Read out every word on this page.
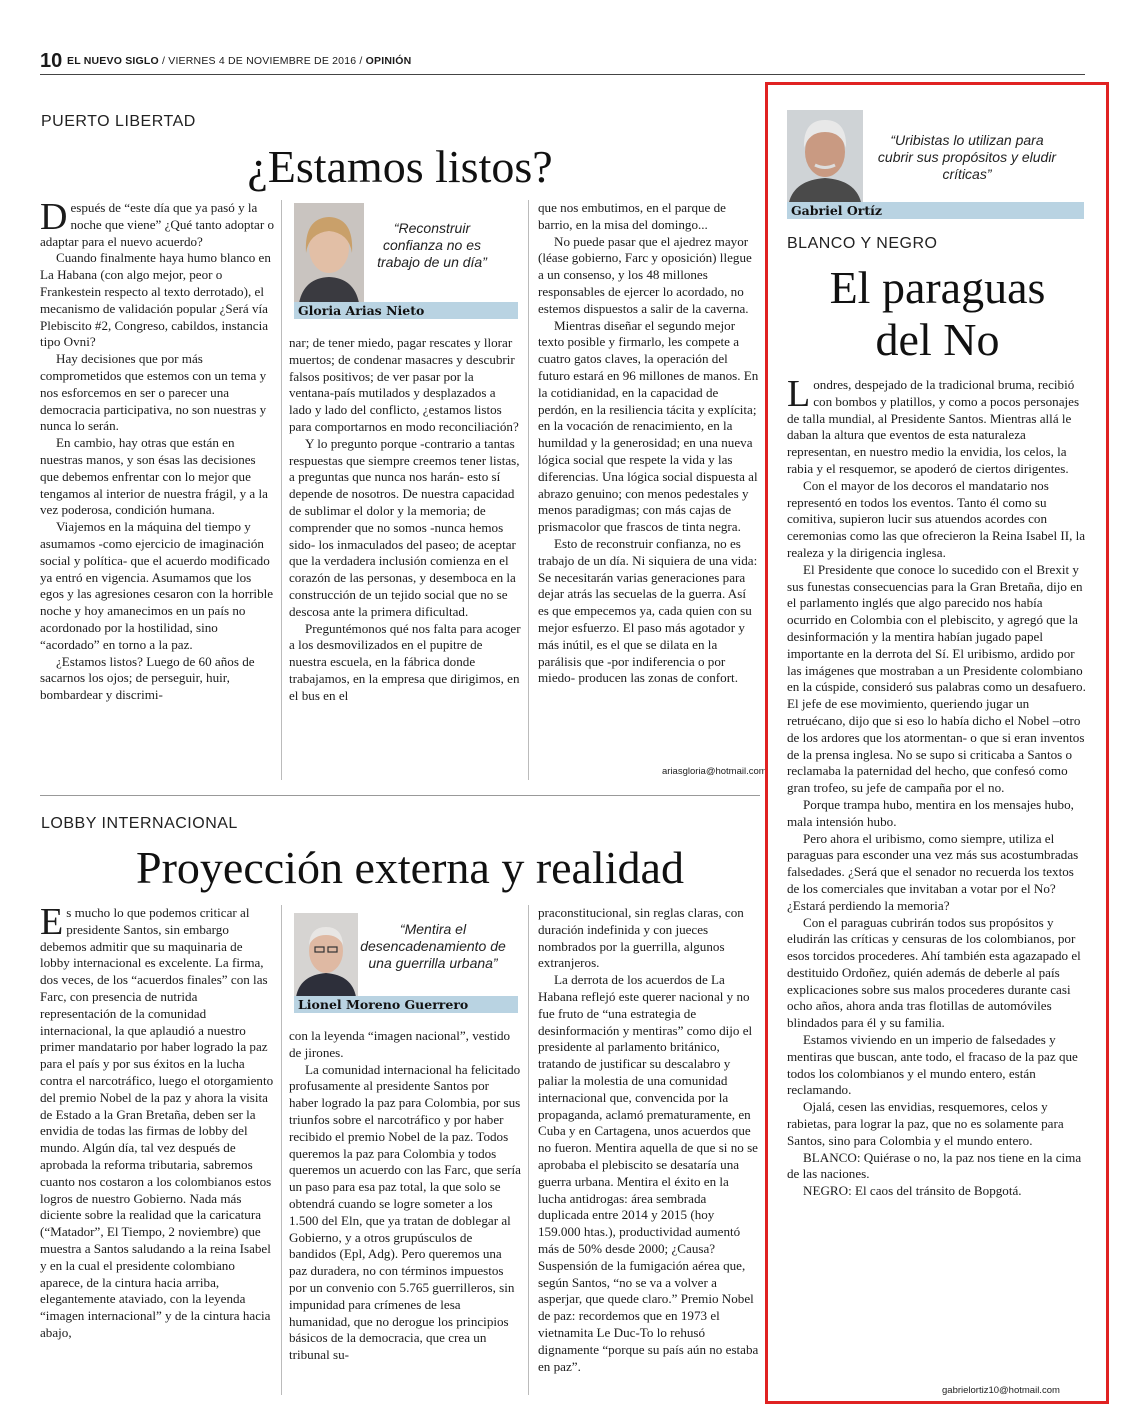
10 EL NUEVO SIGLO / VIERNES 4 DE NOVIEMBRE DE 2016 / OPINIÓN
PUERTO LIBERTAD
¿Estamos listos?
“Reconstruir confianza no es trabajo de un día”
Gloria Arias Nieto

Después de “este día que ya pasó y la noche que viene” ¿Qué tanto adoptar o adaptar para el nuevo acuerdo?

Cuando finalmente haya humo blanco en La Habana (con algo mejor, peor o Frankestein respecto al texto derrotado), el mecanismo de validación popular ¿Será vía Plebiscito #2, Congreso, cabildos, instancia tipo Ovni?

Hay decisiones que por más comprometidos que estemos con un tema y nos esforcemos en ser o parecer una democracia participativa, no son nuestras y nunca lo serán.

En cambio, hay otras que están en nuestras manos, y son ésas las decisiones que debemos enfrentar con lo mejor que tengamos al interior de nuestra frágil, y a la vez poderosa, condición humana.

Viajemos en la máquina del tiempo y asumamos -como ejercicio de imaginación social y política- que el acuerdo modificado ya entró en vigencia. Asumamos que los egos y las agresiones cesaron con la horrible noche y hoy amanecimos en un país no acordonado por la hostilidad, sino “acordado” en torno a la paz.

¿Estamos listos? Luego de 60 años de sacarnos los ojos; de perseguir, huir, bombardear y discrimi-

nar; de tener miedo, pagar rescates y llorar muertos; de condenar masacres y descubrir falsos positivos; de ver pasar por la ventana-país mutilados y desplazados a lado y lado del conflicto, ¿estamos listos para comportarnos en modo reconciliación?

Y lo pregunto porque -contrario a tantas respuestas que siempre creemos tener listas, a preguntas que nunca nos harán- esto sí depende de nosotros. De nuestra capacidad de sublimar el dolor y la memoria; de comprender que no somos -nunca hemos sido- los inmaculados del paseo; de aceptar que la verdadera inclusión comienza en el corazón de las personas, y desemboca en la construcción de un tejido social que no se descosa ante la primera dificultad.

Preguntémonos qué nos falta para acoger a los desmovilizados en el pupitre de nuestra escuela, en la fábrica donde trabajamos, en la empresa que dirigimos, en el bus en el

que nos embutimos, en el parque de barrio, en la misa del domingo...

No puede pasar que el ajedrez mayor (léase gobierno, Farc y oposición) llegue a un consenso, y los 48 millones responsables de ejercer lo acordado, no estemos dispuestos a salir de la caverna.

Mientras diseñar el segundo mejor texto posible y firmarlo, les compete a cuatro gatos claves, la operación del futuro estará en 96 millones de manos. En la cotidianidad, en la capacidad de perdón, en la resiliencia tácita y explícita; en la vocación de renacimiento, en la humildad y la generosidad; en una nueva lógica social que respete la vida y las diferencias. Una lógica social dispuesta al abrazo genuino; con menos pedestales y menos paradigmas; con más cajas de prismacolor que frascos de tinta negra.

Esto de reconstruir confianza, no es trabajo de un día. Ni siquiera de una vida: Se necesitarán varias generaciones para dejar atrás las secuelas de la guerra. Así es que empecemos ya, cada quien con su mejor esfuerzo. El paso más agotador y más inútil, es el que se dilata en la parálisis que -por indiferencia o por miedo- producen las zonas de confort.

ariasgloria@hotmail.com
LOBBY INTERNACIONAL
Proyección externa y realidad
“Mentira el desencadenamiento de una guerrilla urbana”
Lionel Moreno Guerrero

Es mucho lo que podemos criticar al presidente Santos, sin embargo debemos admitir que su maquinaria de lobby internacional es excelente. La firma, dos veces, de los “acuerdos finales” con las Farc, con presencia de nutrida representación de la comunidad internacional, la que aplaudió a nuestro primer mandatario por haber logrado la paz para el país y por sus éxitos en la lucha contra el narcotráfico, luego el otorgamiento del premio Nobel de la paz y ahora la visita de Estado a la Gran Bretaña, deben ser la envidia de todas las firmas de lobby del mundo. Algún día, tal vez después de aprobada la reforma tributaria, sabremos cuanto nos costaron a los colombianos estos logros de nuestro Gobierno. Nada más diciente sobre la realidad que la caricatura (“Matador”, El Tiempo, 2 noviembre) que muestra a Santos saludando a la reina Isabel y en la cual el presidente colombiano aparece, de la cintura hacia arriba, elegantemente ataviado, con la leyenda “imagen internacional” y de la cintura hacia abajo,

con la leyenda “imagen nacional”, vestido de jirones.

La comunidad internacional ha felicitado profusamente al presidente Santos por haber logrado la paz para Colombia, por sus triunfos sobre el narcotráfico y por haber recibido el premio Nobel de la paz. Todos queremos la paz para Colombia y todos queremos un acuerdo con las Farc, que sería un paso para esa paz total, la que solo se obtendrá cuando se logre someter a los 1.500 del Eln, que ya tratan de doblegar al Gobierno, y a otros grupúsculos de bandidos (Epl, Adg). Pero queremos una paz duradera, no con términos impuestos por un convenio con 5.765 guerrilleros, sin impunidad para crímenes de lesa humanidad, que no derogue los principios básicos de la democracia, que crea un tribunal su-

praconstitucional, sin reglas claras, con duración indefinida y con jueces nombrados por la guerrilla, algunos extranjeros.

La derrota de los acuerdos de La Habana reflejó este querer nacional y no fue fruto de “una estrategia de desinformación y mentiras” como dijo el presidente al parlamento británico, tratando de justificar su descalabro y paliar la molestia de una comunidad internacional que, convencida por la propaganda, aclamó prematuramente, en Cuba y en Cartagena, unos acuerdos que no fueron. Mentira aquella de que si no se aprobaba el plebiscito se desataría una guerra urbana. Mentira el éxito en la lucha antidrogas: área sembrada duplicada entre 2014 y 2015 (hoy 159.000 htas.), productividad aumentó más de 50% desde 2000; ¿Causa? Suspensión de la fumigación aérea que, según Santos, “no se va a volver a asperjar, que quede claro.” Premio Nobel de paz: recordemos que en 1973 el vietnamita Le Duc-To lo rehusó dignamente “porque su país aún no estaba en paz”.

“Uribistas lo utilizan para cubrir sus propósitos y eludir críticas”
Gabriel Ortíz
BLANCO Y NEGRO
El paraguas
del No

Londres, despejado de la tradicional bruma, recibió con bombos y platillos, y como a pocos personajes de talla mundial, al Presidente Santos. Mientras allá le daban la altura que eventos de esta naturaleza representan, en nuestro medio la envidia, los celos, la rabia y el resquemor, se apoderó de ciertos dirigentes.

Con el mayor de los decoros el mandatario nos representó en todos los eventos. Tanto él como su comitiva, supieron lucir sus atuendos acordes con ceremonias como las que ofrecieron la Reina Isabel II, la realeza y la dirigencia inglesa.

El Presidente que conoce lo sucedido con el Brexit y sus funestas consecuencias para la Gran Bretaña, dijo en el parlamento inglés que algo parecido nos había ocurrido en Colombia con el plebiscito, y agregó que la desinformación y la mentira habían jugado papel importante en la derrota del Sí. El uribismo, ardido por las imágenes que mostraban a un Presidente colombiano en la cúspide, consideró sus palabras como un desafuero. El jefe de ese movimiento, queriendo jugar un retruécano, dijo que si eso lo había dicho el Nobel –otro de los ardores que los atormentan- o que si eran inventos de la prensa inglesa. No se supo si criticaba a Santos o reclamaba la paternidad del hecho, que confesó como gran trofeo, su jefe de campaña por el no.

Porque trampa hubo, mentira en los mensajes hubo, mala intensión hubo.

Pero ahora el uribismo, como siempre, utiliza el paraguas para esconder una vez más sus acostumbradas falsedades. ¿Será que el senador no recuerda los textos de los comerciales que invitaban a votar por el No? ¿Estará perdiendo la memoria?

Con el paraguas cubrirán todos sus propósitos y eludirán las críticas y censuras de los colombianos, por esos torcidos procederes. Ahí también esta agazapado el destituido Ordoñez, quién además de deberle al país explicaciones sobre sus malos procederes durante casi ocho años, ahora anda tras flotillas de automóviles blindados para él y su familia.

Estamos viviendo en un imperio de falsedades y mentiras que buscan, ante todo, el fracaso de la paz que todos los colombianos y el mundo entero, están reclamando.

Ojalá, cesen las envidias, resquemores, celos y rabietas, para lograr la paz, que no es solamente para Santos, sino para Colombia y el mundo entero.

BLANCO: Quiérase o no, la paz nos tiene en la cima de las naciones.

NEGRO: El caos del tránsito de Bopgotá.

gabrielortiz10@hotmail.com
